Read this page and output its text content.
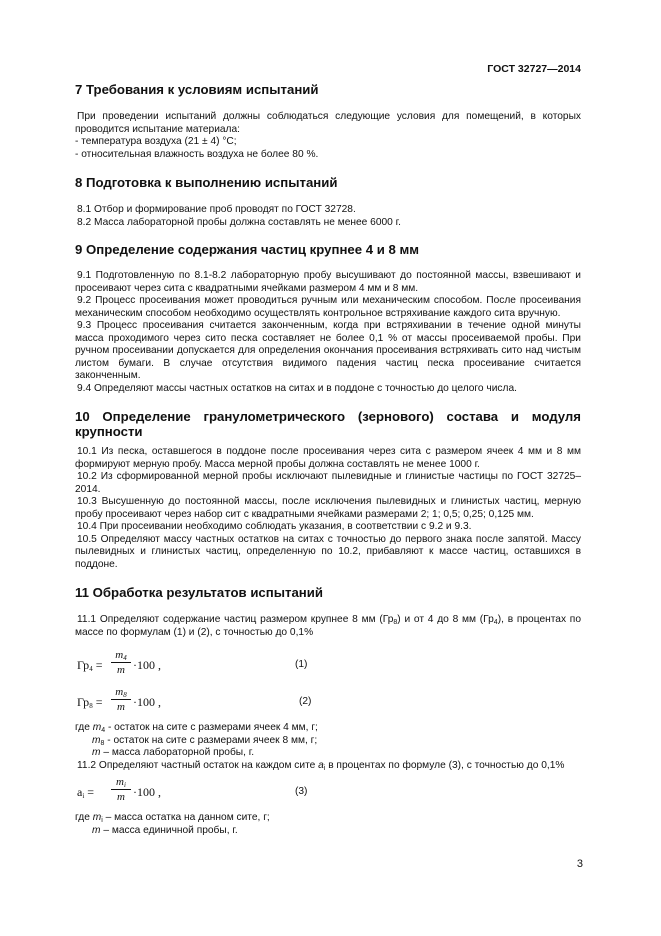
ГОСТ 32727—2014
7 Требования к условиям испытаний

При проведении испытаний должны соблюдаться следующие условия для помещений, в которых проводится испытание материала:

- температура воздуха (21 ± 4) °С;

- относительная влажность воздуха не более 80 %.

8 Подготовка к выполнению испытаний

8.1 Отбор и формирование проб проводят по ГОСТ 32728.

8.2 Масса лабораторной пробы должна составлять не менее 6000 г.

9 Определение содержания частиц крупнее 4 и 8 мм

9.1 Подготовленную по 8.1-8.2 лабораторную пробу высушивают до постоянной массы, взвешивают и просеивают через сита с квадратными ячейками размером 4 мм и 8 мм.

9.2 Процесс просеивания может проводиться ручным или механическим способом. После просеивания механическим способом необходимо осуществлять контрольное встряхивание каждого сита вручную.

9.3 Процесс просеивания считается законченным, когда при встряхивании в течение одной минуты масса проходимого через сито песка составляет не более 0,1 % от массы просеиваемой пробы. При ручном просеивании допускается для определения окончания просеивания встряхивать сито над чистым листом бумаги. В случае отсутствия видимого падения частиц песка просеивание считается законченным.

9.4 Определяют массы частных остатков на ситах и в поддоне с точностью до целого числа.

10 Определение гранулометрического (зернового) состава и модуля крупности

10.1 Из песка, оставшегося в поддоне после просеивания через сита с размером ячеек 4 мм и 8 мм формируют мерную пробу. Масса мерной пробы должна составлять не менее 1000 г.

10.2 Из сформированной мерной пробы исключают пылевидные и глинистые частицы по ГОСТ 32725–2014.

10.3 Высушенную до постоянной массы, после исключения пылевидных и глинистых частиц, мерную пробу просеивают через набор сит с квадратными ячейками размерами 2; 1; 0,5; 0,25; 0,125 мм.

10.4 При просеивании необходимо соблюдать указания, в соответствии с 9.2 и 9.3.

10.5 Определяют массу частных остатков на ситах с точностью до первого знака после запятой. Массу пылевидных и глинистых частиц, определенную по 10.2, прибавляют к массе частиц, оставшихся в поддоне.

11 Обработка результатов испытаний

11.1 Определяют содержание частиц размером крупнее 8 мм $(Гр_8)$ и от 4 до 8 мм $(Гр_4)$, в процентах по массе по формулам (1) и (2), с точностью до 0,1%

$Гр_4 = \frac{m_4}{m} \cdot 100$ ,	(1)
$Гр_8 = \frac{m_8}{m} \cdot 100$ ,	(2)

где $m_4$ - остаток на сите с размерами ячеек 4 мм, г;

$m_8$ - остаток на сите с размерами ячеек 8 мм, г;

m – масса лабораторной пробы, г.

11.2 Определяют частный остаток на каждом сите $a_i$ в процентах по формуле (3), с точностью до 0,1%

$a_i = \frac{m_i}{m} \cdot 100$ ,	(3)

где $m_i$ – масса остатка на данном сите, г;

m – масса единичной пробы, г.

3
